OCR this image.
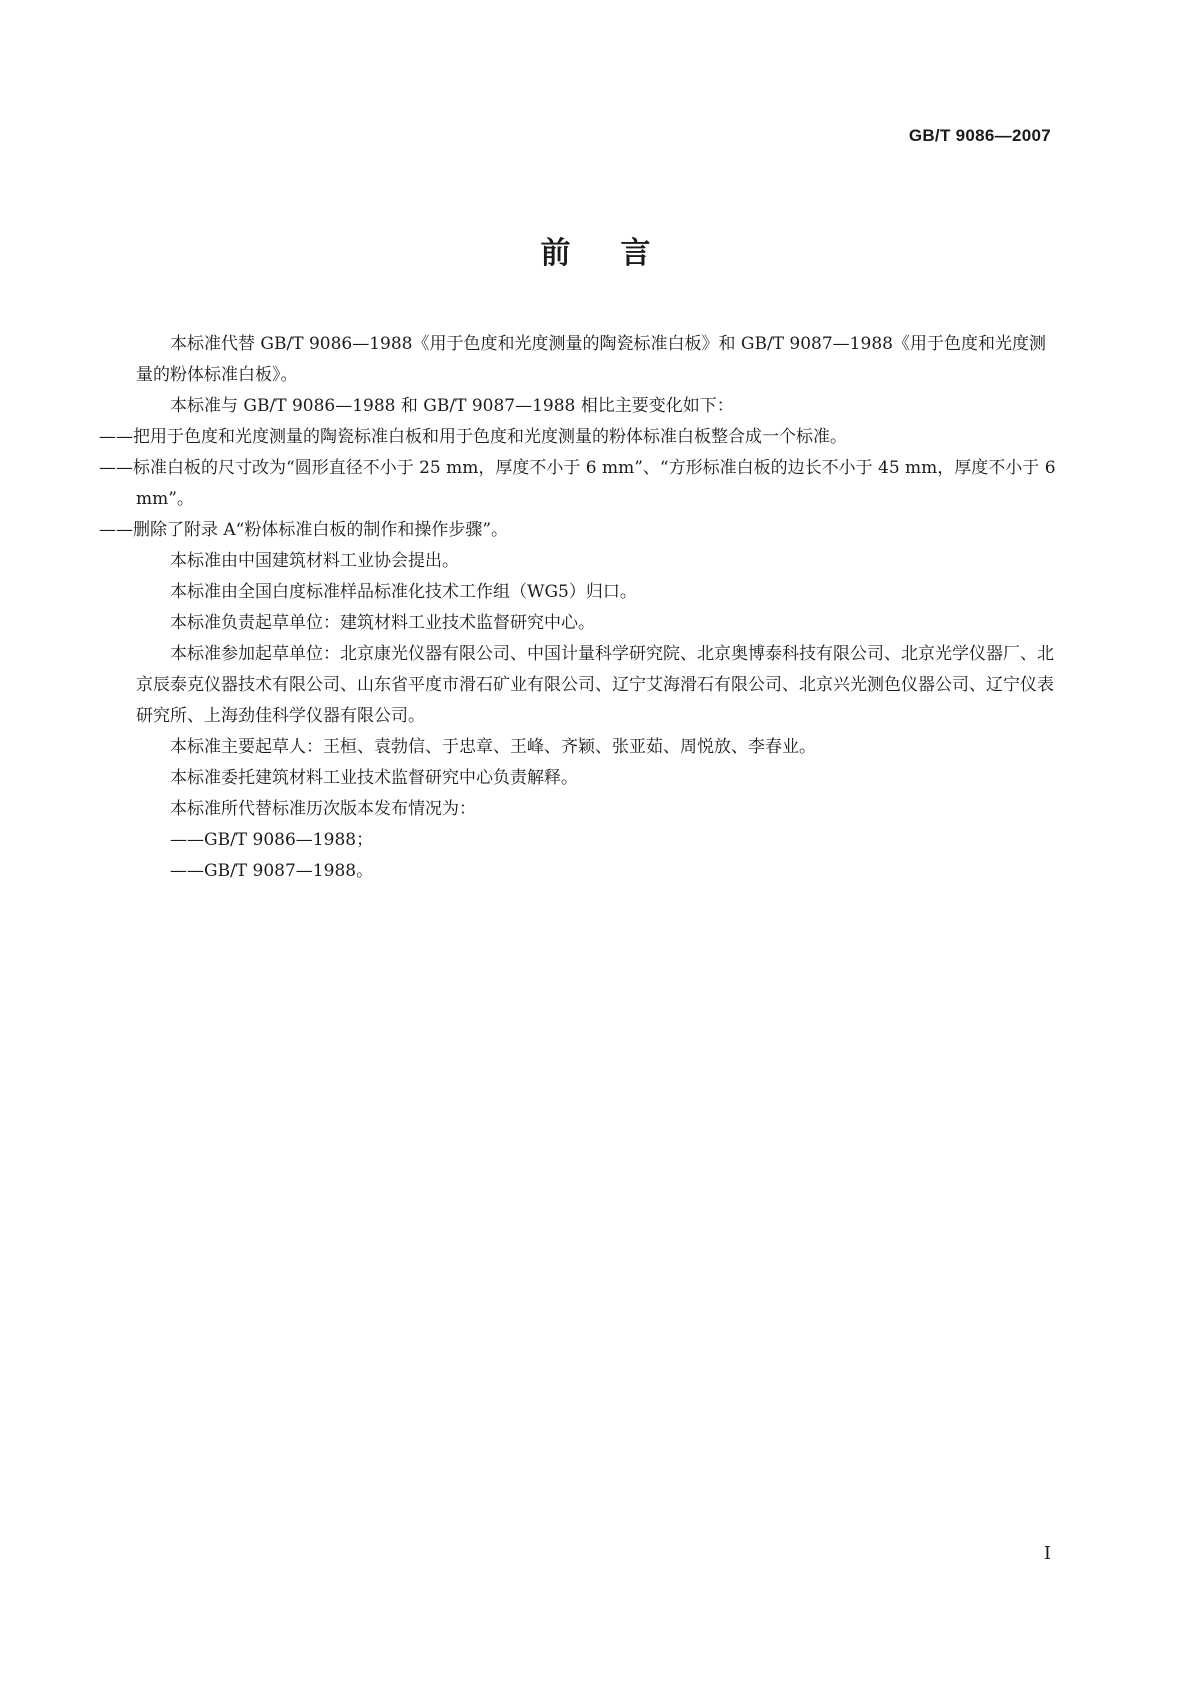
GB/T 9086—2007
前言

本标准代替 GB/T 9086—1988《用于色度和光度测量的陶瓷标准白板》和 GB/T 9087—1988《用于色度和光度测量的粉体标准白板》。

本标准与 GB/T 9086—1988 和 GB/T 9087—1988 相比主要变化如下：

——把用于色度和光度测量的陶瓷标准白板和用于色度和光度测量的粉体标准白板整合成一个标准。

——标准白板的尺寸改为“圆形直径不小于 25 mm，厚度不小于 6 mm”、“方形标准白板的边长不小于 45 mm，厚度不小于 6 mm”。

——删除了附录 A“粉体标准白板的制作和操作步骤”。

本标准由中国建筑材料工业协会提出。

本标准由全国白度标准样品标准化技术工作组（WG5）归口。

本标准负责起草单位：建筑材料工业技术监督研究中心。

本标准参加起草单位：北京康光仪器有限公司、中国计量科学研究院、北京奥博泰科技有限公司、北京光学仪器厂、北京辰泰克仪器技术有限公司、山东省平度市滑石矿业有限公司、辽宁艾海滑石有限公司、北京兴光测色仪器公司、辽宁仪表研究所、上海劲佳科学仪器有限公司。

本标准主要起草人：王桓、袁勃信、于忠章、王峰、齐颖、张亚茹、周悦放、李春业。

本标准委托建筑材料工业技术监督研究中心负责解释。

本标准所代替标准历次版本发布情况为：

——GB/T 9086—1988；

——GB/T 9087—1988。

I
